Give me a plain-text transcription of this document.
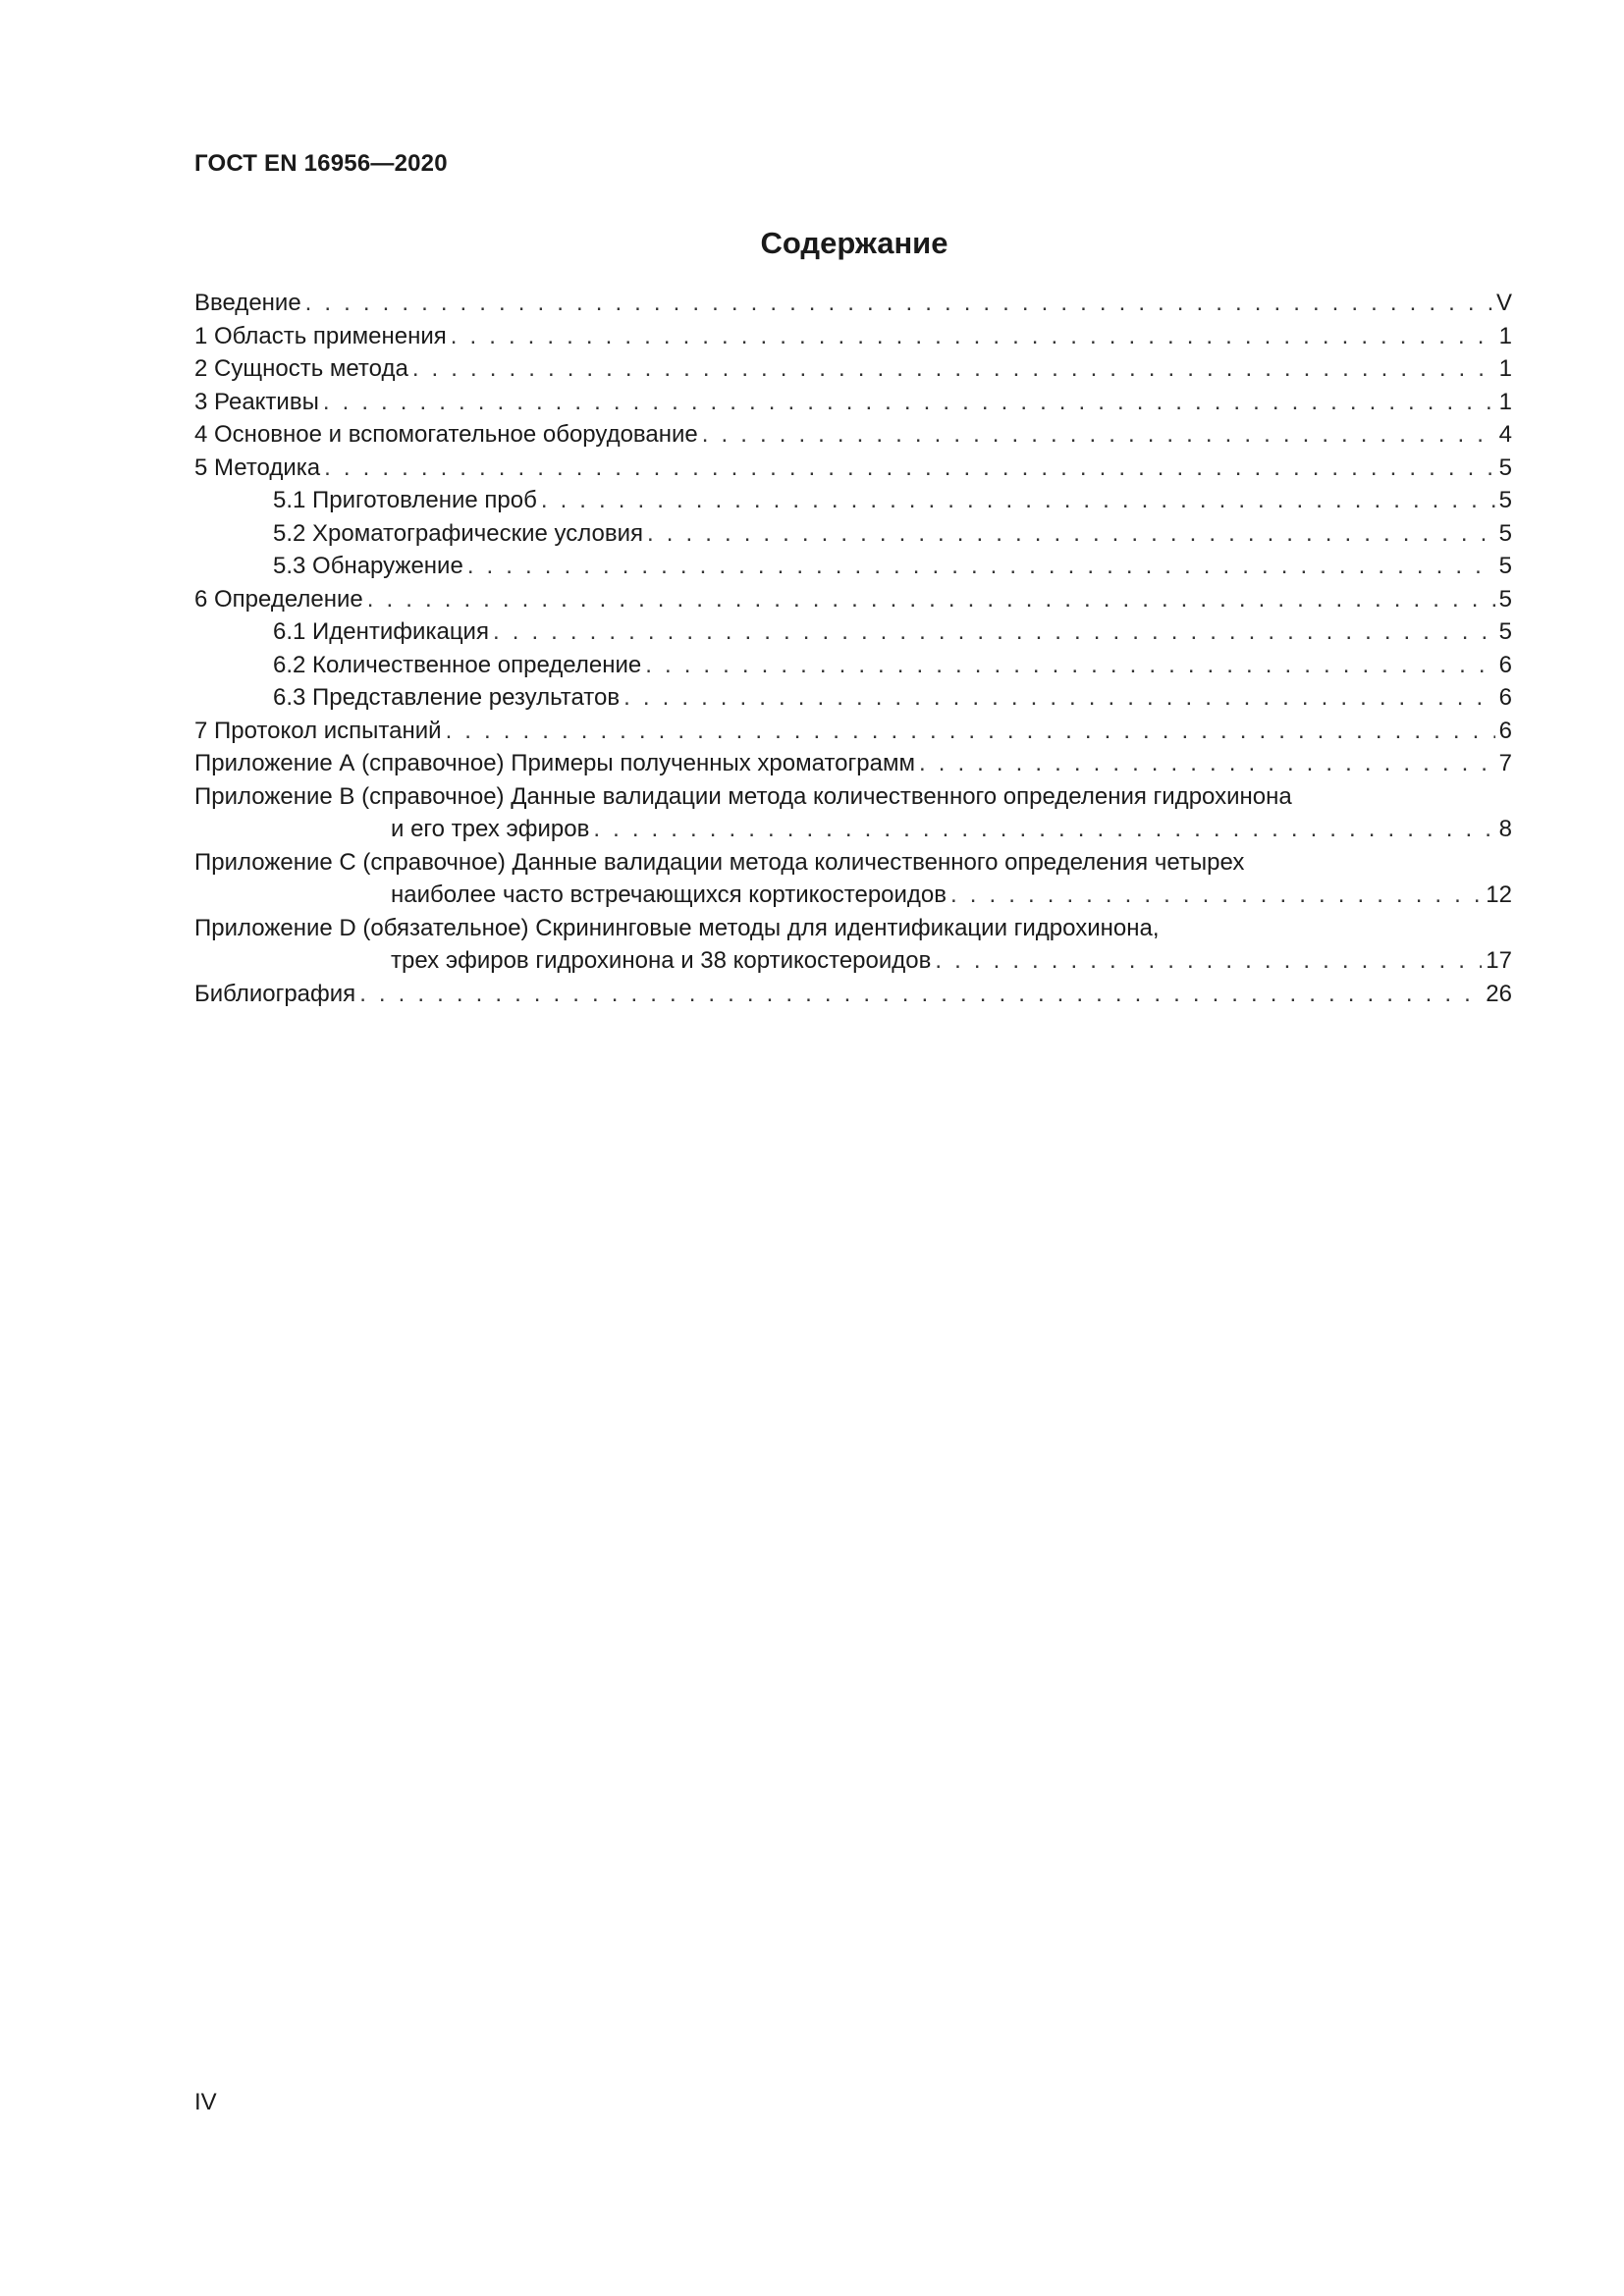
ГОСТ EN 16956—2020
Содержание
Введение . . .	V
1 Область применения . . .	1
2 Сущность метода . . .	1
3 Реактивы . . .	1
4 Основное и вспомогательное оборудование . . .	4
5 Методика . . .	5
5.1 Приготовление проб . . .	5
5.2 Хроматографические условия . . .	5
5.3 Обнаружение . . .	5
6 Определение . . .	5
6.1 Идентификация . . .	5
6.2 Количественное определение . . .	6
6.3 Представление результатов . . .	6
7 Протокол испытаний . . .	6
Приложение А (справочное) Примеры полученных хроматограмм . . .	7
Приложение В (справочное) Данные валидации метода количественного определения гидрохинона
и его трех эфиров . . .	8
Приложение С (справочное) Данные валидации метода количественного определения четырех
наиболее часто встречающихся кортикостероидов . . .	12
Приложение D (обязательное) Скрининговые методы для идентификации гидрохинона,
трех эфиров гидрохинона и 38 кортикостероидов . . .	17
Библиография . . .	26
IV
